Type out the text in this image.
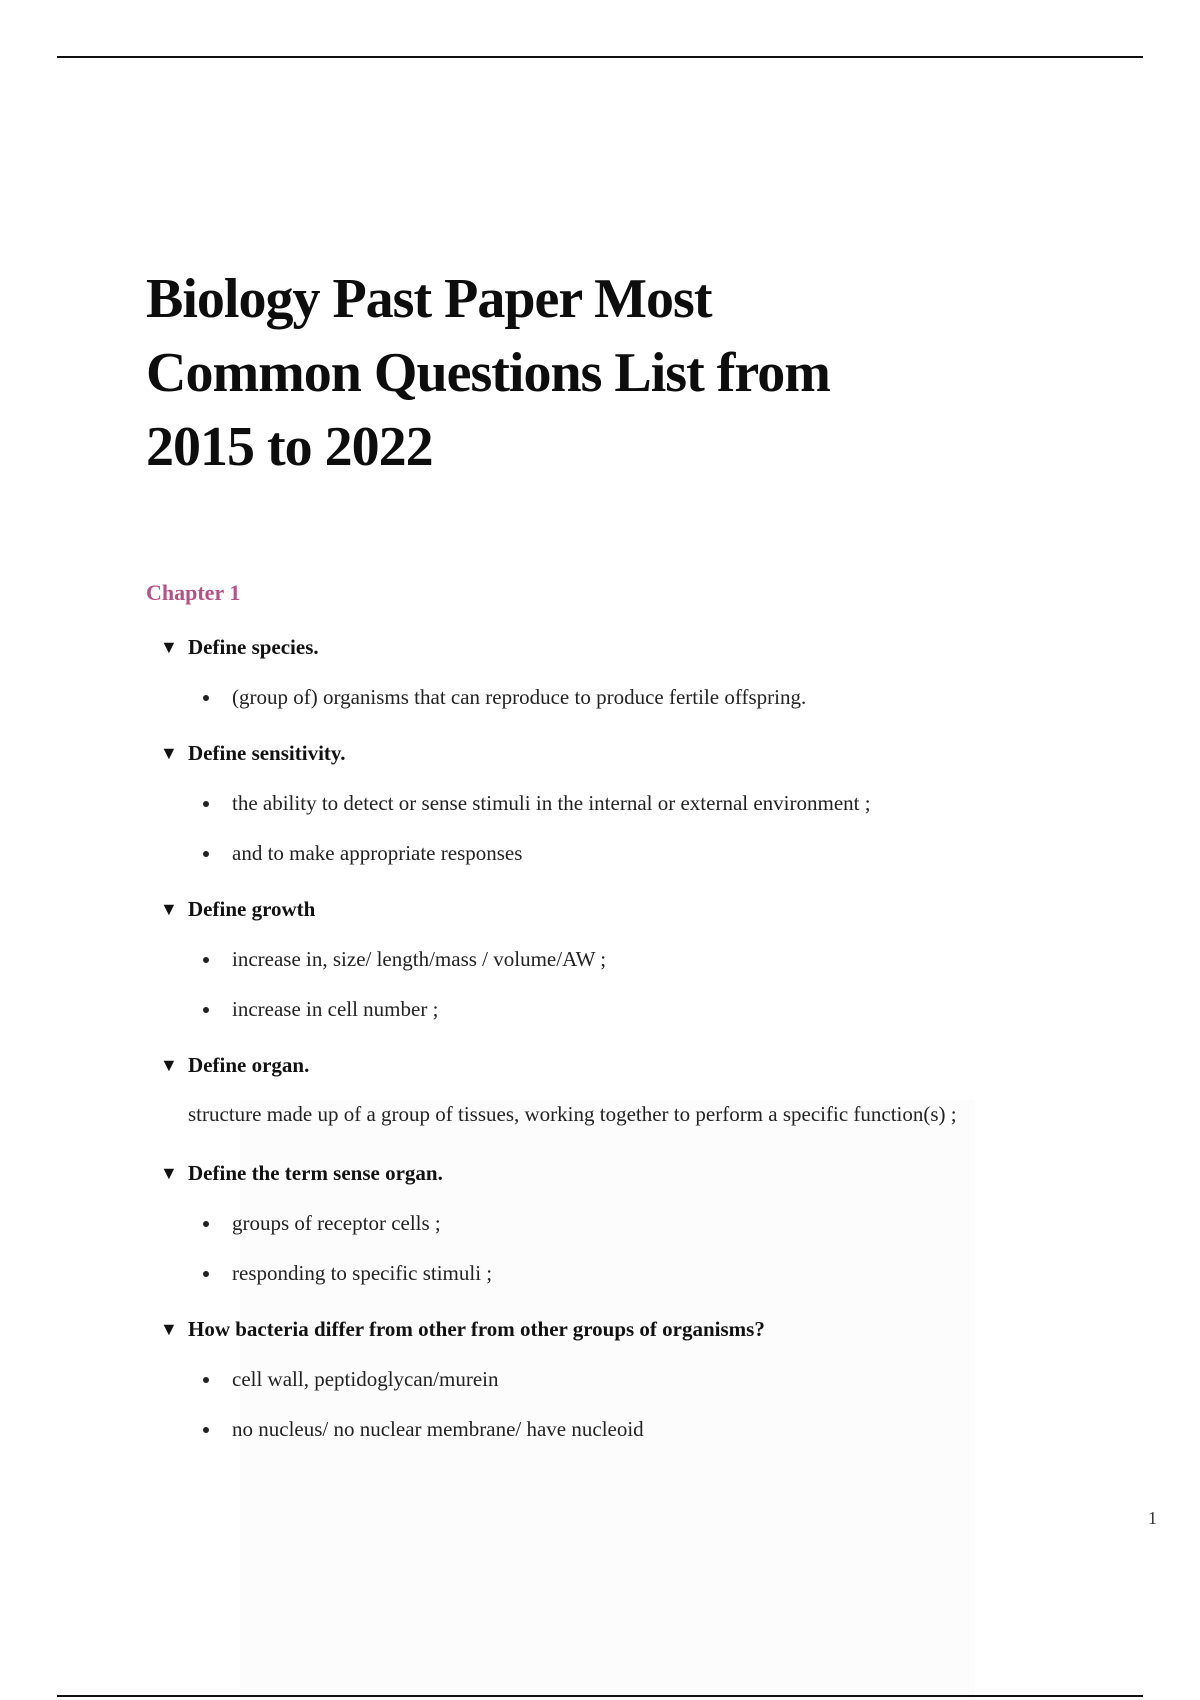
Biology Past Paper Most Common Questions List from 2015 to 2022
Chapter 1
▼ Define species.
(group of) organisms that can reproduce to produce fertile offspring.
▼ Define sensitivity.
the ability to detect or sense stimuli in the internal or external environment ;
and to make appropriate responses
▼ Define growth
increase in, size/ length/mass / volume/AW ;
increase in cell number ;
▼ Define organ.
structure made up of a group of tissues, working together to perform a specific function(s) ;
▼ Define the term sense organ.
groups of receptor cells ;
responding to specific stimuli ;
▼ How bacteria differ from other from other groups of organisms?
cell wall, peptidoglycan/murein
no nucleus/ no nuclear membrane/ have nucleoid
1
